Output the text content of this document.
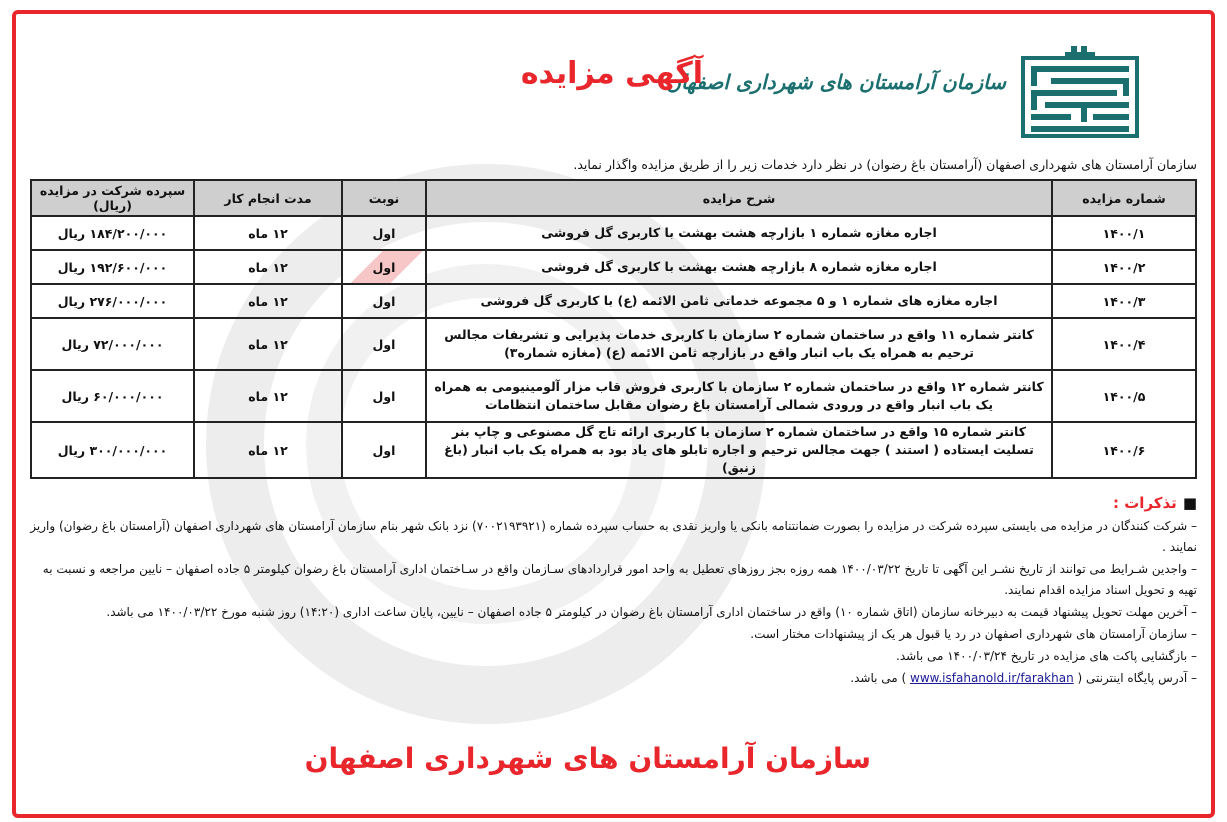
سازمان آرامستان های شهرداری اصفهان
آگهی مزایده
سازمان آرامستان های شهرداری اصفهان (آرامستان باغ رضوان) در نظر دارد خدمات زیر را از طریق مزایده واگذار نماید.
شماره مزایده	شرح مزایده	نوبت	مدت انجام کار	سپرده شرکت در مزایده (ریال)
۱۴۰۰/۱	اجاره مغازه شماره ۱ بازارچه هشت بهشت با کاربری گل فروشی	اول	۱۲ ماه	۱۸۴/۲۰۰/۰۰۰ ریال
۱۴۰۰/۲	اجاره مغازه شماره ۸ بازارچه هشت بهشت با کاربری گل فروشی	اول	۱۲ ماه	۱۹۲/۶۰۰/۰۰۰ ریال
۱۴۰۰/۳	اجاره مغازه های شماره ۱ و ۵ مجموعه خدماتی ثامن الائمه (ع) با کاربری گل فروشی	اول	۱۲ ماه	۲۷۶/۰۰۰/۰۰۰ ریال
۱۴۰۰/۴	کانتر شماره ۱۱ واقع در ساختمان شماره ۲ سازمان با کاربری خدمات پذیرایی و تشریفات مجالس ترحیم به همراه یک باب انبار واقع در بازارچه ثامن الائمه (ع) (مغازه شماره۳)	اول	۱۲ ماه	۷۲/۰۰۰/۰۰۰ ریال
۱۴۰۰/۵	کانتر شماره ۱۲ واقع در ساختمان شماره ۲ سازمان با کاربری فروش قاب مزار آلومینیومی به همراه یک باب انبار واقع در ورودی شمالی آرامستان باغ رضوان مقابل ساختمان انتظامات	اول	۱۲ ماه	۶۰/۰۰۰/۰۰۰ ریال
۱۴۰۰/۶	کانتر شماره ۱۵ واقع در ساختمان شماره ۲ سازمان با کاربری ارائه تاج گل مصنوعی و چاپ بنر تسلیت ایستاده ( استند ) جهت مجالس ترحیم و اجاره تابلو های یاد بود به همراه یک باب انبار (باغ زنبق)	اول	۱۲ ماه	۳۰۰/۰۰۰/۰۰۰ ریال
■تذکرات :
– شرکت کنندگان در مزایده می بایستی سپرده شرکت در مزایده را بصورت ضمانتنامه بانکی یا واریز نقدی به حساب سپرده شماره (۷۰۰۲۱۹۳۹۲۱) نزد بانک شهر بنام سازمان آرامستان های شهرداری اصفهان (آرامستان باغ رضوان) واریز نمایند .
– واجدین شـرایط می توانند از تاریخ نشـر این آگهی تا تاریخ ۱۴۰۰/۰۳/۲۲ همه روزه بجز روزهای تعطیل به واحد امور قراردادهای سـازمان واقع در سـاختمان اداری آرامستان باغ رضوان کیلومتر ۵ جاده اصفهان – نایین مراجعه و نسبت به تهیه و تحویل اسناد مزایده اقدام نمایند.
– آخرین مهلت تحویل پیشنهاد قیمت به دبیرخانه سازمان (اتاق شماره ۱۰) واقع در ساختمان اداری آرامستان باغ رضوان در کیلومتر ۵ جاده اصفهان – نایین، پایان ساعت اداری (۱۴:۲۰) روز شنبه مورخ ۱۴۰۰/۰۳/۲۲ می باشد.
– سازمان آرامستان های شهرداری اصفهان در رد یا قبول هر یک از پیشنهادات مختار است.
– بازگشایی پاکت های مزایده در تاریخ ۱۴۰۰/۰۳/۲۴ می باشد.
– آدرس پایگاه اینترنتی ( www.isfahanold.ir/farakhan ) می باشد.
سازمان آرامستان های شهرداری اصفهان
